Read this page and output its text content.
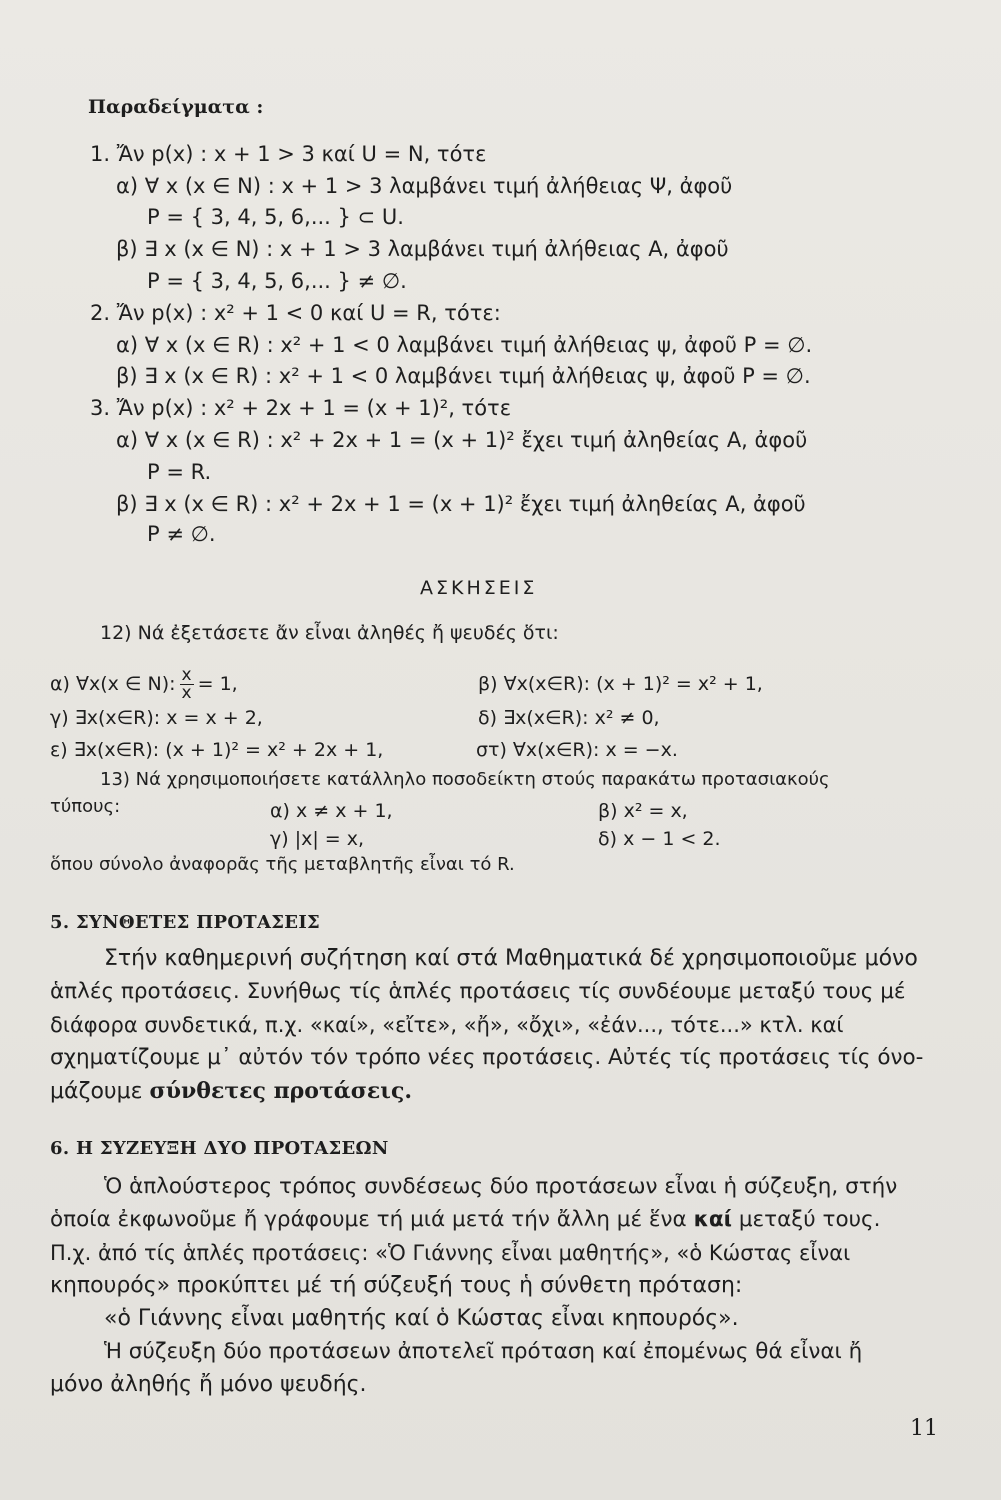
Παραδείγματα :
1. Ἄν p(x) : x + 1 > 3 καί U = N, τότε
α) ∀ x (x ∈ N) : x + 1 > 3 λαμβάνει τιμή ἀλήθειας Ψ, ἀφοῦ
P = { 3, 4, 5, 6,... } ⊂ U.
β) ∃ x (x ∈ N) : x + 1 > 3 λαμβάνει τιμή ἀλήθειας Α, ἀφοῦ
P = { 3, 4, 5, 6,... } ≠ ∅.
2. Ἄν p(x) : x² + 1 < 0 καί U = R, τότε:
α) ∀ x (x ∈ R) : x² + 1 < 0 λαμβάνει τιμή ἀλήθειας ψ, ἀφοῦ P = ∅.
β) ∃ x (x ∈ R) : x² + 1 < 0 λαμβάνει τιμή ἀλήθειας ψ, ἀφοῦ P = ∅.
3. Ἄν p(x) : x² + 2x + 1 = (x + 1)², τότε
α) ∀ x (x ∈ R) : x² + 2x + 1 = (x + 1)² ἔχει τιμή ἀληθείας Α, ἀφοῦ
P = R.
β) ∃ x (x ∈ R) : x² + 2x + 1 = (x + 1)² ἔχει τιμή ἀληθείας Α, ἀφοῦ
P ≠ ∅.
ΑΣΚΗΣΕΙΣ
12) Νά ἐξετάσετε ἄν εἶναι ἀληθές ἤ ψευδές ὅτι:
α) ∀x(x ∈ N): $\frac{x}{x} = 1$,	β) ∀x(x∈R): (x + 1)² = x² + 1,
γ) ∃x(x∈R): x = x + 2,	δ) ∃x(x∈R): x² ≠ 0,
ε) ∃x(x∈R): (x + 1)² = x² + 2x + 1,	στ) ∀x(x∈R): x = −x.
13) Νά χρησιμοποιήσετε κατάλληλο ποσοδείκτη στούς παρακάτω προτασιακούς
τύπους:	α) x ≠ x + 1,	β) x² = x,
γ) |x| = x,	δ) x − 1 < 2.
ὅπου σύνολο ἀναφορᾶς τῆς μεταβλητῆς εἶναι τό R.
5. ΣΥΝΘΕΤΕΣ ΠΡΟΤΑΣΕΙΣ
Στήν καθημερινή συζήτηση καί στά Μαθηματικά δέ χρησιμοποιοῦμε μόνο
ἁπλές προτάσεις. Συνήθως τίς ἁπλές προτάσεις τίς συνδέουμε μεταξύ τους μέ
διάφορα συνδετικά, π.χ. «καί», «εἴτε», «ἤ», «ὄχι», «ἐάν..., τότε...» κτλ. καί
σχηματίζουμε μ᾽ αὐτόν τόν τρόπο νέες προτάσεις. Αὐτές τίς προτάσεις τίς όνο-
μάζουμε σύνθετες προτάσεις.
6. Η ΣΥΖΕΥΞΗ ΔΥΟ ΠΡΟΤΑΣΕΩΝ
Ὁ ἁπλούστερος τρόπος συνδέσεως δύο προτάσεων εἶναι ἡ σύζευξη, στήν
ὁποία ἐκφωνοῦμε ἤ γράφουμε τή μιά μετά τήν ἄλλη μέ ἕνα καί μεταξύ τους.
Π.χ. ἀπό τίς ἁπλές προτάσεις: «Ὁ Γιάννης εἶναι μαθητής», «ὁ Κώστας εἶναι
κηπουρός» προκύπτει μέ τή σύζευξή τους ἡ σύνθετη πρόταση:
«ὁ Γιάννης εἶναι μαθητής καί ὁ Κώστας εἶναι κηπουρός».
Ἡ σύζευξη δύο προτάσεων ἀποτελεῖ πρόταση καί ἐπομένως θά εἶναι ἤ
μόνο ἀληθής ἤ μόνο ψευδής.
11
